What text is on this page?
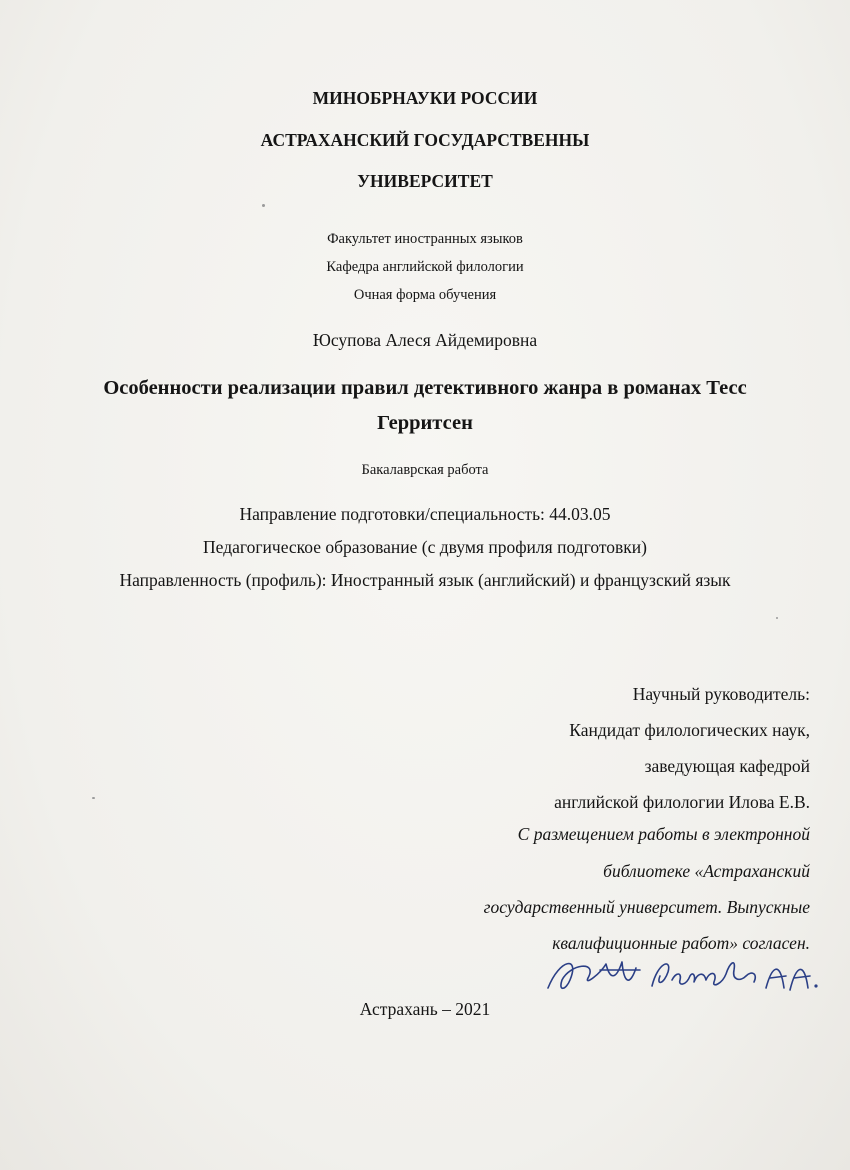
МИНОБРНАУКИ РОССИИ
АСТРАХАНСКИЙ ГОСУДАРСТВЕННЫ
УНИВЕРСИТЕТ
Факультет иностранных языков
Кафедра английской филологии
Очная форма обучения
Юсупова Алеся Айдемировна
Особенности реализации правил детективного жанра в романах Тесс
Герритсен
Бакалаврская работа
Направление подготовки/специальность: 44.03.05
Педагогическое образование (с двумя профиля подготовки)
Направленность (профиль): Иностранный язык (английский) и французский язык
Научный руководитель:
Кандидат филологических наук,
заведующая кафедрой
английской филологии Илова Е.В.
С размещением работы в электронной
библиотеке «Астраханский
государственный университет. Выпускные
квалифиционные работ» согласен.
Астрахань – 2021
